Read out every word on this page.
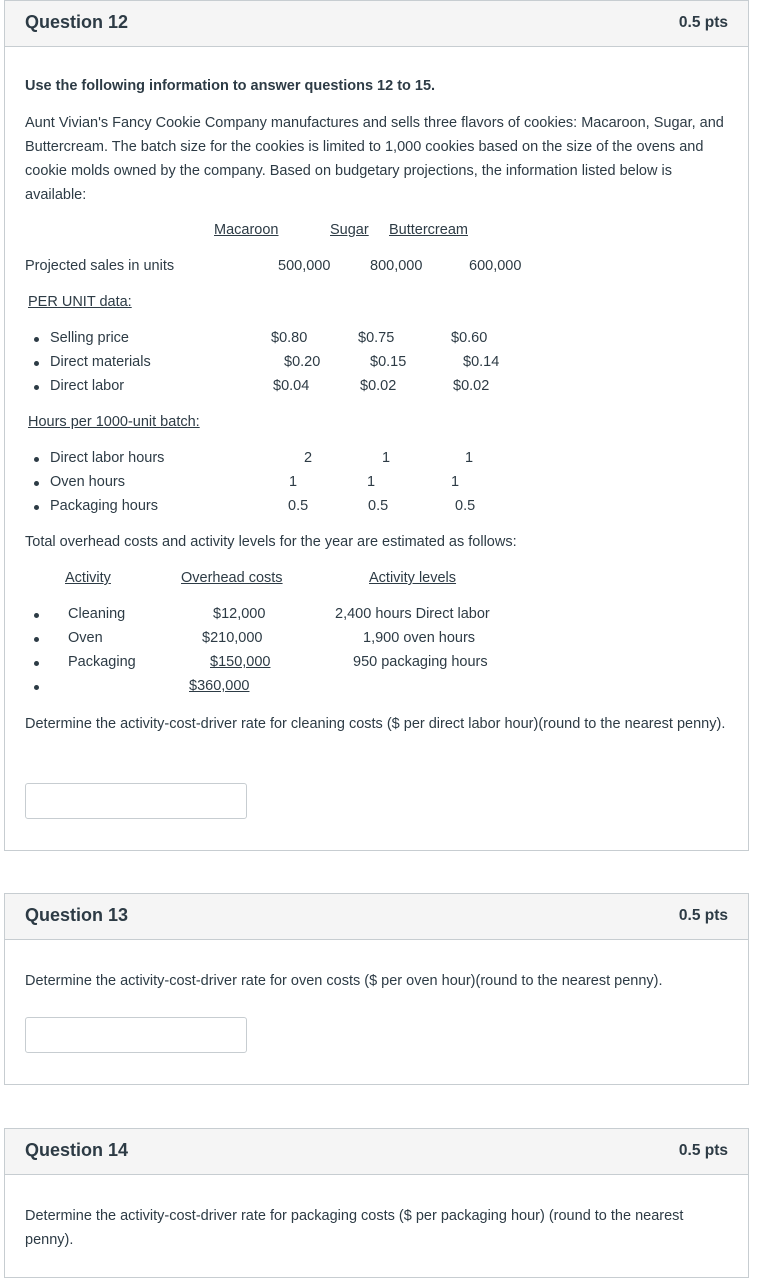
Question 12	0.5 pts
Use the following information to answer questions 12 to 15.
Aunt Vivian's Fancy Cookie Company manufactures and sells three flavors of cookies: Macaroon, Sugar, and Buttercream. The batch size for the cookies is limited to 1,000 cookies based on the size of the ovens and cookie molds owned by the company. Based on budgetary projections, the information listed below is available:
Macaroon	Sugar Buttercream
Projected sales in units	500,000	800,000	600,000
PER UNIT data:
Selling price	$0.80	$0.75	$0.60
Direct materials	$0.20	$0.15	$0.14
Direct labor	$0.04	$0.02	$0.02
Hours per 1000-unit batch:
Direct labor hours	2	1	1
Oven hours	1	1	1
Packaging hours	0.5	0.5	0.5
Total overhead costs and activity levels for the year are estimated as follows:
Activity	Overhead costs	Activity levels
Cleaning	$12,000	2,400 hours Direct labor
Oven	$210,000	1,900 oven hours
Packaging	$150,000	950 packaging hours
$360,000
Determine the activity-cost-driver rate for cleaning costs ($ per direct labor hour)(round to the nearest penny).
Question 13	0.5 pts
Determine the activity-cost-driver rate for oven costs ($ per oven hour)(round to the nearest penny).
Question 14	0.5 pts
Determine the activity-cost-driver rate for packaging costs ($ per packaging hour) (round to the nearest penny).
